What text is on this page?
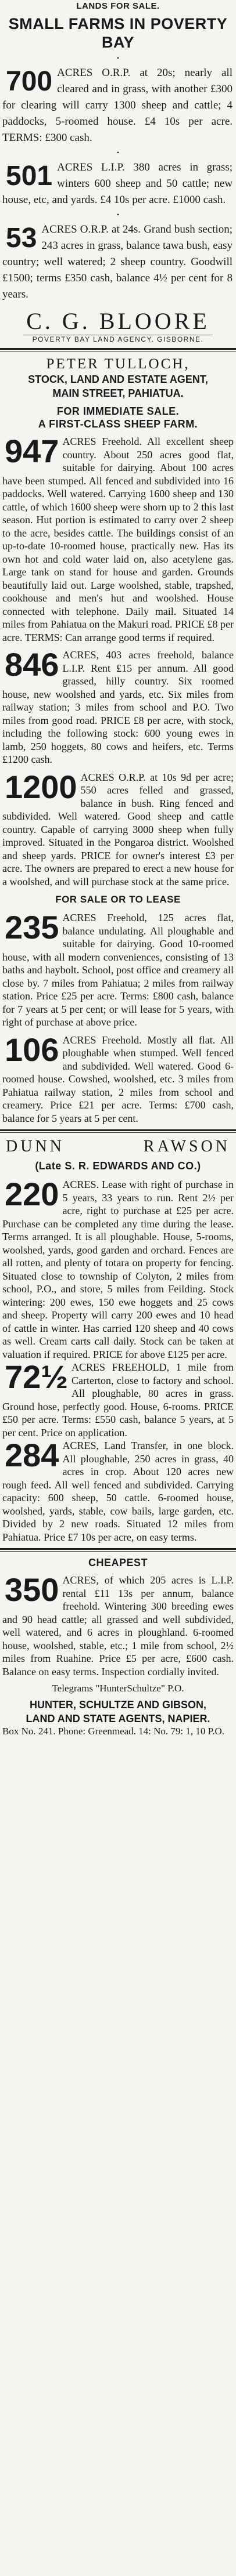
LANDS FOR SALE.
SMALL FARMS IN POVERTY BAY
•
700 ACRES O.R.P. at 20s; nearly all cleared and in grass, with another £300 for clearing will carry 1300 sheep and cattle; 4 paddocks, 5-roomed house. £4 10s per acre. TERMS: £300 cash.
•
501 ACRES L.I.P. 380 acres in grass; winters 600 sheep and 50 cattle; new house, etc, and yards. £4 10s per acre. £1000 cash.
•
53 ACRES O.R.P. at 24s. Grand bush section; 243 acres in grass, balance tawa bush, easy country; well watered; 2 sheep country. Goodwill £1500; terms £350 cash, balance 4½ per cent for 8 years.
C. G. BLOORE
POVERTY BAY LAND AGENCY. GISBORNE.
PETER TULLOCH,
STOCK, LAND AND ESTATE AGENT,
MAIN STREET, PAHIATUA.
FOR IMMEDIATE SALE.
A FIRST-CLASS SHEEP FARM.
947 ACRES Freehold. All excellent sheep country. About 250 acres good flat, suitable for dairying. About 100 acres have been stumped. All fenced and subdivided into 16 paddocks. Well watered. Carrying 1600 sheep and 130 cattle, of which 1600 sheep were shorn up to 2 this last season. Hut portion is estimated to carry over 2 sheep to the acre, besides cattle. The buildings consist of an up-to-date 10-roomed house, practically new. Has its own hot and cold water laid on, also acetylene gas. Large tank on stand for house and garden. Grounds beautifully laid out. Large woolshed, stable, trapshed, cookhouse and men's hut and woolshed. House connected with telephone. Daily mail. Situated 14 miles from Pahiatua on the Makuri road. PRICE £8 per acre. TERMS: Can arrange good terms if required.
846 ACRES, 403 acres freehold, balance L.I.P. Rent £15 per annum. All good grassed, hilly country. Six roomed house, new woolshed and yards, etc. Six miles from railway station; 3 miles from school and P.O. Two miles from good road. PRICE £8 per acre, with stock, including the following stock: 600 young ewes in lamb, 250 hoggets, 80 cows and heifers, etc. Terms £1200 cash.
1200 ACRES O.R.P. at 10s 9d per acre; 550 acres felled and grassed, balance in bush. Ring fenced and subdivided. Well watered. Good sheep and cattle country. Capable of carrying 3000 sheep when fully improved. Situated in the Pongaroa district. Woolshed and sheep yards. PRICE for owner's interest £3 per acre. The owners are prepared to erect a new house for a woolshed, and will purchase stock at the same price.
FOR SALE OR TO LEASE
235 ACRES Freehold, 125 acres flat, balance undulating. All ploughable and suitable for dairying. Good 10-roomed house, with all modern conveniences, consisting of 13 baths and haybolt. School, post office and creamery all close by. 7 miles from Pahiatua; 2 miles from railway station. Price £25 per acre. Terms: £800 cash, balance for 7 years at 5 per cent; or will lease for 5 years, with right of purchase at above price.
106 ACRES Freehold. Mostly all flat. All ploughable when stumped. Well fenced and subdivided. Well watered. Good 6-roomed house. Cowshed, woolshed, etc. 3 miles from Pahiatua railway station, 2 miles from school and creamery. Price £21 per acre. Terms: £700 cash, balance for 5 years at 5 per cent.
DUNN	RAWSON
(Late S. R. EDWARDS AND CO.)
220 ACRES. Lease with right of purchase in 5 years, 33 years to run. Rent 2½ per acre, right to purchase at £25 per acre. Purchase can be completed any time during the lease. Terms arranged. It is all ploughable. House, 5-rooms, woolshed, yards, good garden and orchard. Fences are all rotten, and plenty of totara on property for fencing. Situated close to township of Colyton, 2 miles from school, P.O., and store, 5 miles from Feilding. Stock wintering: 200 ewes, 150 ewe hoggets and 25 cows and sheep. Property will carry 200 ewes and 10 head of cattle in winter. Has carried 120 sheep and 40 cows as well. Cream carts call daily. Stock can be taken at valuation if required. PRICE for above £125 per acre.
72½ ACRES FREEHOLD, 1 mile from Carterton, close to factory and school. All ploughable, 80 acres in grass. Ground hose, perfectly good. House, 6-rooms. PRICE £50 per acre. Terms: £550 cash, balance 5 years, at 5 per cent. Price on application.
284 ACRES, Land Transfer, in one block. All ploughable, 250 acres in grass, 40 acres in crop. About 120 acres new rough feed. All well fenced and subdivided. Carrying capacity: 600 sheep, 50 cattle. 6-roomed house, woolshed, yards, stable, cow bails, large garden, etc. Divided by 2 new roads. Situated 12 miles from Pahiatua. Price £7 10s per acre, on easy terms.
CHEAPEST
350 ACRES, of which 205 acres is L.I.P. rental £11 13s per annum, balance freehold. Wintering 300 breeding ewes and 90 head cattle; all grassed and well subdivided, well watered, and 6 acres in ploughland. 6-roomed house, woolshed, stable, etc.; 1 mile from school, 2½ miles from Ruahine. Price £5 per acre, £600 cash. Balance on easy terms. Inspection cordially invited.
Telegrams "HunterSchultze" P.O.
HUNTER, SCHULTZE AND GIBSON,
LAND AND STATE AGENTS, NAPIER.
Box No. 241. Phone: Greenmead. 14: No. 79: 1, 10 P.O.
